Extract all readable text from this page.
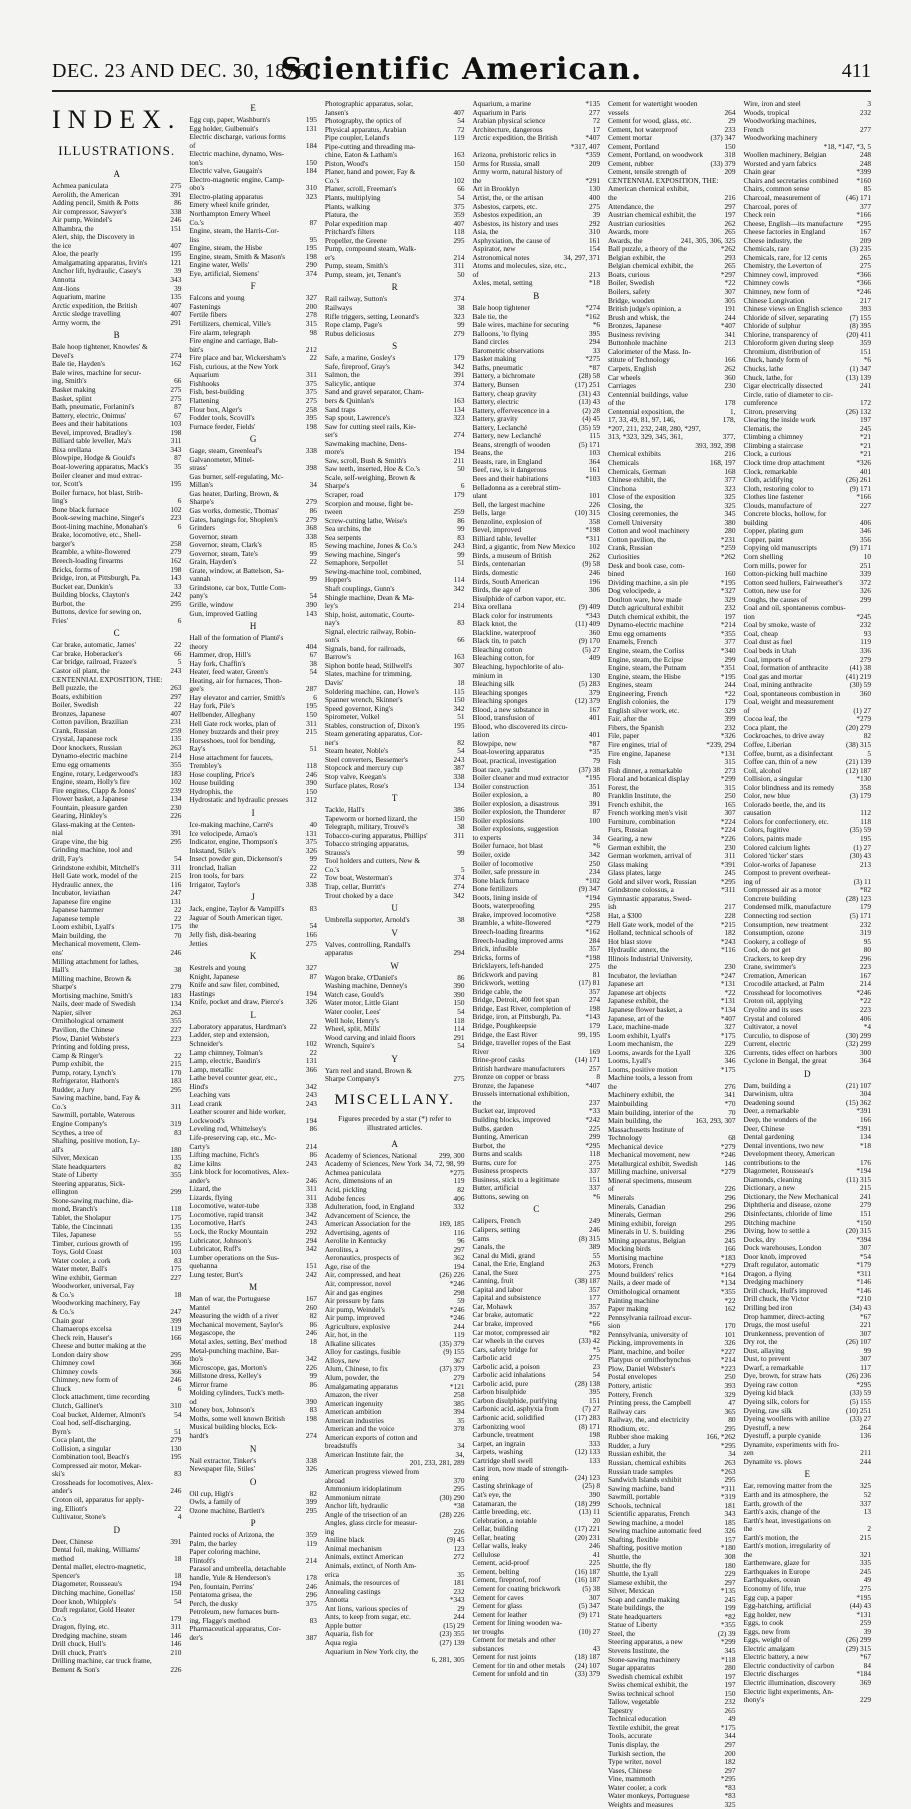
DEC. 23 AND DEC. 30, 1876.]
Scientific American.	411
INDEX.
ILLUSTRATIONS.
A
Achmea paniculata	275
Aerolith, the American	391
Adding pencil, Smith & Potts	86
Air compressor, Sawyer's	338
Air pump, Weindel's	246
Alhambra, the	151
Alert, ship, the Discovery in
the ice	407
Aloe, the pearly	195
Amalgamating apparatus, Irvin's	121
Anchor lift, hydraulic, Casey's	39
Annotta	343
Ant-lions	39
Aquarium, marine	135
Arctic expedition, the British	407
Arctic sledge travelling	407
Army worm, the	291
B
Bale hoop tightener, Knowles' &
Devel's	274
Bale tie, Hayden's	162
Bale wires, machine for secur-
ing, Smith's	66
Basket making	275
Basket, splint	275
Bath, pneumatic, Forlanini's	87
Battery, electric, Onimus'	67
Bees and their habitations	103
Bevel, improved, Bradley's	198
Billiard table leveller, Ma's	311
Bixa orellana	343
Blowpipe, Hodge & Gould's	87
Boat-lowering apparatus, Mack's	35
Boiler cleaner and mud extrac-
tor, Scott's	195
Boiler furnace, hot blast, Strib-
ling's	6
Bone black furnace	102
Book-sewing machine, Singer's	223
Boot-lining machine, Monahan's	6
Brake, locomotive, etc., Shell-
barger's	258
Bramble, a white-flowered	279
Breech-loading firearms	162
Bricks, forms of	198
Bridge, iron, at Pittsburgh, Pa.	143
Bucket ear, Dunkin's	33
Building blocks, Clayton's	242
Burbot, the	295
Buttons, device for sewing on,
Fries'	6
C
Car brake, automatic, James'	22
Car brake, Hoberacker's	66
Car bridge, railroad, Frazee's	5
Castor oil plant, the	243
CENTENNIAL EXPOSITION, THE:
Bell puzzle, the	263
Boats, exhibition	297
Boiler, Swedish	22
Bronzes, Japanese	407
Cotton pavilion, Brazilian	231
Crank, Russian	259
Crystal, Japanese rock	135
Door knockers, Russian	263
Dynamo-electric machine	214
Emu egg ornaments	355
Engine, rotary, Ledgerwood's	183
Engine, steam, Holly's fire	102
Fire engines, Clapp & Jones'	239
Flower basket, a Japanese	134
Fountain, pleasure garden	230
Gearing, Hinkley's	226
Glass-making at the Centen-
nial	391
Grape vine, the big	295
Grinding machine, tool and
drill, Fay's	54
Grindstone exhibit, Mitchell's	311
Hell Gate work, model of the	215
Hydraulic annex, the	116
Incubator, leviathan	247
Japanese fire engine	131
Japanese hammer	22
Japanese temple	22
Loom exhibit, Lyall's	175
Main building, the	70
Mechanical movement, Clem-
ens'	246
Milling attachment for lathes,
Hall's	38
Milling machine, Brown &
Sharpe's	279
Mortising machine, Smith's	183
Nails, deer made of Swedish	134
Napier, silver	263
Ornithological ornament	355
Pavilion, the Chinese	227
Plow, Daniel Webster's	223
Printing and folding press,
Camp & Ringer's	22
Pump exhibit, the	215
Pump, rotary, Lynch's	170
Refrigerator, Hathorn's	183
Rudder, a Jury	295
Sawing machine, band, Fay &
Co.'s	311
Sawmill, portable, Waterous
Engine Company's	319
Scythes, a tree of	83
Shafting, positive motion, Ly-
all's	180
Silver, Mexican	135
Slate headquarters	82
State of Liberty	355
Steering apparatus, Sick-
ellington	299
Stone-sawing machine, dia-
mond, Branch's	118
Tablet, the Sholapur	175
Table, the Cincinnati	135
Tiles, Japanese	55
Timber, curious growth of	195
Toys, Gold Coast	103
Water cooler, a cork	83
Water meter, Ball's	175
Wine exhibit, German	227
Woodworker, universal, Fay
& Co.'s	18
Woodworking machinery, Fay
& Co.'s	247
Chain gear	399
Chamaerops excelsa	119
Check rein, Hauser's	166
Cheese and butter making at the
London dairy show	295
Chimney cowl	366
Chimney cowls	366
Chimney, new form of	246
Chuck	6
Clock attachment, time recording
Clutch, Gallinet's	310
Coal bucket, Alderner, Almont's	54
Coal hod, self-discharging,
Byrn's	51
Coca plant, the	279
Collision, a singular	130
Combination tool, Beach's	195
Compressed air motor, Mekar-
ski's	83
Crossheads for locomotives, Alex-
ander's	246
Croton oil, apparatus for apply-
ing, Elliott's	22
Cultivator, Stone's	4
D
Deer, Chinese	391
Dental foil, making, Williams'
method	18
Dental mallet, electro-magnetic,
Spencer's	18
Diagometer, Rousseau's	194
Ditching machine, Gonellas'	150
Door knob, Whipple's	54
Draft regulator, Gold Heater
Co.'s	179
Dragon, flying, etc.	311
Dredging machine, steam	146
Drill chuck, Hull's	146
Drill chuck, Pratt's	210
Drilling machine, car truck frame,
Bement & Son's	226
E
Egg cup, paper, Washburn's	195
Egg holder, Gulbenuit's	131
Electric discharge, various forms
of	184
Electric machine, dynamo, Wes-
ton's	150
Electric valve, Gaugain's	184
Electro-magnetic engine, Camp-
obo's	310
Electro-plating apparatus	323
Emery wheel knife grinder,
Northampton Emery Wheel
Co.'s	87
Engine, steam, the Harris-Cor-
liss	95
Engine, steam, the Hisbe	195
Engine, steam, Smith & Mason's	198
Engine water, Wells'	290
Eye, artificial, Siemens'	374
F
Falcons and young	327
Fastenings	200
Fertile fibers	278
Fertilizers, chemical, Ville's	315
Fire alarm, telegraph	98
Fire engine and carriage, Bab-
bitt's	212
Fire place and bar, Wickersham's	22
Fish, curious, at the New York
Aquarium	311
Fishhooks	375
Fish, best-building	375
Flattening	275
Flour box, Alger's	258
Fodder tools, Scovill's	395
Furnace feeder, Fields'	198
G
Gage, steam, Greenleaf's	338
Galvanometer, Mittel-
strass'	398
Gas burner, self-regulating, Mc-
Millan's	34
Gas heater, Darling, Brown, &
Sharpe's	279
Gas works, domestic, Thomas'	86
Gates, hangings for, Shoplen's	279
Grinders	368
Governor, steam	338
Governor, steam, Clark's	85
Governor, steam, Tate's	99
Grain, Hayden's	22
Grate, window, at Battelson, Sa-
vannah	99
Grindstone, car box, Tuttle Com-
pany's	54
Grille, window	390
Gun, improved Gatling	143
H
Hall of the formation of Planté's
theory	404
Hammer, drop, Hill's	67
Hay fork, Chaffin's	38
Heater, feed water, Green's	54
Heating, air for furnaces, Thon-
gee's	287
Hay elevator and carrier, Smith's	6
Hay fork, Pile's	195
Hellbender, Alleghany	150
Hell Gate rock works, plan of	311
Honey buzzards and their prey	215
Horseshoes, tool for bending,
Ray's	51
Hose attachment for faucets,
Trembley's	118
Hose coupling, Price's	246
House building	390
Hydrophis, the	150
Hydrostatic and hydraulic presses	312
I
Ice-making machine, Carré's	40
Ice velocipede, Arnao's	131
Indicator, engine, Thompson's	375
Inkstand, Stile's	326
Insect powder gun, Dickenson's	99
Ironclad, Italian	22
Iron tools, for bars	22
Irrigator, Taylor's	338
J
Jack, engine, Taylor & Vampill's	83
Jaguar of South American tiger,
the	54
Jelly fish, disk-bearing	166
Jetties	275
K
Kestrels and young	327
Knight, Japanese	87
Knife and saw filer, combined,
Hastings	194
Knife, pocket and draw, Pierce's	326
L
Laboratory apparatus, Hardman's	22
Ladder, step and extension,
Schneider's	102
Lamp chimney, Tolman's	22
Lamp, electric, Baudin's	131
Lamp, metallic	366
Lathe bevel counter gear, etc.,
Hind's	342
Leaching vats	243
Lead crank	243
Leather scourer and hide worker,
Lockwood's	194
Leveling rod, Whittelsey's	86
Life-preserving cap, etc., Mc-
Carty's	214
Lifting machine, Ficht's	86
Lime kilns	243
Link block for locomotives, Alex-
ander's	246
Lizard, the	311
Lizards, flying	311
Locomotive, water-tube	338
Locomotive, rapid transit	342
Locomotive, Hart's	243
Lock, the Rocky Mountain	292
Lubricator, Johnson's	294
Lubricator, Ruff's	342
Lumber operations on the Sus-
quehanna	151
Lung tester, Burt's	242
M
Man of war, the Portuguese	167
Mantel	260
Measuring the width of a river	82
Mechanical movement, Saylor's	86
Megascope, the	246
Metal axles, setting, Bex' method	18
Metal-punching machine, Bar-
tho's	342
Microscope, gas, Morton's	226
Millstone dress, Kelley's	99
Mirror frame	86
Molding cylinders, Tuck's meth-
od	390
Money box, Johnson's	83
Moths, some well known British	198
Musical building blocks, Eck-
hardt's	274
N
Nail extractor, Tinker's	338
Newspaper file, Stiles'	326
O
Oil cup, High's	82
Owls, a family of	399
Ozone machine, Bartlett's	295
P
Painted rocks of Arizona, the	359
Palm, the barley	119
Paper coloring machine,
Flintoft's	214
Parasol and umbrella, detachable
handle, Yule & Henderson's	178
Pen, fountain, Perrins'	246
Pentatoma grisea, the	296
Perch, the dusky	375
Petroleum, new furnaces burn-
ing, Flagge's method	83
Pharmaceutical apparatus, Cor-
der's	387
Photographic apparatus, solar,
Jansen's	407
Photography, the optics of	54
Physical apparatus, Arabian	72
Pipe coupler, Leland's	119
Pipe-cutting and threading ma-
chine, Eaton & Latham's	163
Piston, Wood's	150
Planer, hand and power, Fay &
Co.'s	102
Planer, scroll, Freeman's	66
Plants, multiplying	54
Plants, walking	375
Platura, the	359
Polar expedition map	407
Pritchard's filters	118
Propeller, the Greene	295
Pump, compound steam, Walk-
er's	214
Pump, steam, Smith's	311
Pump, steam, jet, Tenant's	50
R
Rail railway, Sutton's	374
Railways	38
Rifle triggers, setting, Leonard's	323
Rope clamp, Page's	99
Rubus deliciosus	279
S
Safe, a marine, Gosley's	179
Safe, fireproof, Gray's	342
Salmon, the	391
Salicylic, antique	374
Sand and gravel separator, Cham-
bers & Quinlan's	163
Sand traps	134
Sap spout, Lawrence's	323
Saw for cutting steel rails, Kie-
ser's	274
Sawmaking machine, Dens-
more's	194
Saw, scroll, Bush & Smith's	211
Saw teeth, inserted, Hoe & Co.'s	50
Scale, self-weighing, Brown &
Sharpe's	6
Scraper, road	179
Scorpion and mouse, fight be-
tween	259
Screw-cutting lathe, Weise's	86
Sea urchins, the	99
Sea serpents	83
Sewing machine, Jones & Co.'s	243
Sewing machine, Singer's	99
Semaphore, Serpollet	51
Sewing-machine tool, combined,
Hopper's	114
Shaft couplings, Gunn's	342
Shingle machine, Dean & Ma-
ley's	214
Ship, hoist, automatic, Courte-
nay's	83
Signal, electric railway, Robin-
son's	66
Signals, band, for railroads,
Barrow's	163
Siphon bottle head, Stillwell's	307
Slates, machine for trimming,
Davis'	18
Soldering machine, can, Howe's	115
Spanner wrench, Skinner's	150
Speed governor, King's	342
Spirometer, Volkel	51
Stables, construction of, Dixon's	195
Steam generating apparatus, Cor-
ner's	82
Steam heater, Noble's	54
Steel converters, Bessemer's	243
Stopcock and mercury cup	387
Stop valve, Keegan's	338
Surface plates, Rose's	134
T
Tackle, Hall's	386
Tapeworm or horned lizard, the	150
Telegraph, military, Trouvé's	38
Tobacco-curing apparatus, Phillips'	311
Tobacco stringing apparatus,
Strauss's	99
Tool holders and cutters, New &
Co.'s	5
Tow boat, Westerman's	374
Trap, cellar, Burritt's	274
Trout choked by a dace	342
U
Umbrella supporter, Arnold's	38
V
Valves, controlling, Randall's
apparatus	294
W
Wagon brake, O'Daniel's	86
Washing machine, Denney's	390
Watch case, Gould's	390
Water motor, Little Giant	150
Water cooler, Lees'	54
Well hole, Henry's	118
Wheel, split, Mills'	114
Wood carving and inlaid floors	291
Wrench, Squire's	54
Y
Yarn reel and stand, Brown &
Sharpe Company's	275
MISCELLANY.
Figures preceded by a star (*) refer to illustrated articles.
A
Academy of Sciences, National	299, 300
Academy of Sciences, New York 34, 72, 98, 99
Achmea paniculata	*275
Acre, dimensions of an	119
Acid, pickling	82
Adobe fences	406
Adulteration, food, in England	332
Advancement of Science, the
American Association for the	169, 185
Advertising, agents of	116
Aerolite in Kentucky	96
Aerolites, a	297
Aeronautics, prospects of	362
Age, rise of the	194
Air, compressed, and heat	(26) 226
Air, compressor, novel	*246
Air and gas engines	298
Air pressure by fans	59
Air pump, Weindel's	*246
Air pump, improved	*246
Agriculture, explosive	244
Air, hot, in the	119
Alkaline silicates	(35) 379
Alloy for castings, fusible	(9) 155
Alloys, new	367
Alum, Chinese, to fix	(37) 379
Alum, powder, the	279
Amalgamating apparatus	*121
Amazon, the river	258
American ingenuity	385
American ambition	394
American industries	35
American and the voice	378
American exports of cotton and
breadstuffs	34
American Institute fair, the	34,
201, 233, 281, 289
American progress viewed from
abroad	370
Ammonium iridoplatinum	295
Ammonium nitrate	(30) 290
Anchor lift, hydraulic	*38
Angle of the trisection of an	(28) 226
Angles, glass circle for measur-
ing	226
Aniline black	(9) 45
Animal mechanism	123
Animals, extinct American	272
Animals, extinct, of North Am-
erica	35
Animals, the resources of	181
Annealing castings	232
Annotta	*343
Ant lions, various species of	29
Ants, to keep from sugar, etc.	244
Apple butter	(15) 29
Aquaria, fish for	(23) 355
Aqua regia	(27) 139
Aquarium in New York city, the
6, 281, 305
Aquarium, a marine	*135
Aquarium in Paris	277
Arabian physical science	72
Architecture, dangerous	17
Arctic expedition, the British	*407
*317, 407
Arizona, prehistoric relics in	*359
Arms for Russia, small	209
Army worm, natural history of
the	*291
Art in Brooklyn	130
Artist, the, or the artisan	400
Asbestos, carpets, etc.	275
Asbestos expedition, an	39
Asbestos, its history and uses	292
Asia, the	310
Asphyxiation, the cause of	161
Aspirator, new	154
Astronomical notes	34, 297, 371
Atoms and molecules, size, etc.,
of	213
Axles, metal, setting	*18
B
Bale hoop tightener	*274
Bale tie, the	*162
Bale wires, machine for securing	*6
Balloons, 'to flying	395
Band circles	294
Barometric observations	33
Basket making	*275
Baths, pneumatic	*87
Battery, a bichromate	(28) 58
Battery, Bunsen	(17) 251
Battery, cheap gravity	(31) 43
Battery, electric	(13) 43
Battery, effervescence in a	(2) 28
Battery, gravity	(4) 45
Battery, Leclanché	(35) 59
Battery, new Leclanché	115
Beans, strength of wooden	(5) 171
Beans, the	103
Beasts, rare, in England	364
Beef, raw, is it dangerous	161
Bees and their habitations	*103
Belladonna as a cerebral stim-
ulant	101
Bell, the largest machine	226
Bells, large	(10) 315
Benzoline, explosion of	358
Bevel, improved	*198
Billiard table, leveller	*311
Bird, a gigantic, from New Mexico	102
Birds, a museum of British	262
Birds, centenarian	(9) 58
Birds, domestic	246
Birds, South American	196
Birds, the age of	306
Bisulphide of carbon vapor, etc.
Bixa orellana	(9) 409
Black color for instruments	*343
Black knot, the	(11) 409
Blackline, waterproof	360
Black tin, to patch	(9) 170
Bleaching cotton	(5) 27
Bleaching cotton, for	409
Bleaching, hypochlorite of alu-
minium in	130
Bleaching silk	(5) 283
Bleaching sponges	379
Bleaching sponges	(12) 379
Blood, a new substance in	167
Blood, transfusion of	401
Blood, who discovered its circu-
lation	401
Blowpipe, new	*87
Boat-lowering apparatus	*35
Boat, practical, investigation	79
Boat race, yacht	(37) 38
Boiler cleaner and mud extractor	*195
Boiler construction	351
Boiler explosion, a	80
Boiler explosion, a disastrous	391
Boiler explosion, the Thunderer	87
Boiler explosions	100
Boiler explosions, suggestion
to experts	34
Boiler furnace, hot blast	*6
Boiler, oxide	342
Boiler of locomotive	250
Boiler, safe pressure in	234
Bone black furnace	*102
Bone fertilizers	(9) 347
Boots, lining inside of	*194
Boots, waterproofing	295
Brake, improved locomotive	*258
Bramble, a white-flowered	*279
Breech-loading firearms	*162
Breech-loading improved arms	284
Brick, infusible	357
Bricks, forms of	*198
Bricklayers, left-handed	275
Brickwork and paving	81
Brickwork, wetting	(17) 81
Bridge cable, the	357
Bridge, Detroit, 400 feet span	274
Bridge, East River, completion of	198
Bridge, iron, at Pittsburgh, Pa.	*143
Bridge, Poughkeepsie	179
Bridge, the East River	99, 195
Bridge, traveller ropes of the East
River	169
Brine-proof casks	(14) 171
British hardware manufacturers	257
Bronze on copper or brass	8
Bronze, the Japanese	*407
Brussels international exhibition,
the	237
Bucket ear, improved	*33
Building blocks, improved	*242
Bulbs, garden	225
Bunting, American	299
Burbot, the	*295
Burns and scalds	118
Burns, cure for	275
Business prospects	337
Business, stick to a legitimate	151
Butter, artificial	337
Buttons, sewing on	*6
C
Calipers, French	249
Calipers, setting	246
Cams	(8) 315
Canals, the	389
Canal du Midi, grand	55
Canal, the Erie, England	263
Canal, the Suez	275
Canning, fruit	(38) 187
Capital and labor	357
Capital and subsistence	177
Car, Mohawk	357
Car brake, automatic	*22
Car brake, improved	*66
Car motor, compressed air	*82
Car wheels in the curves	(33) 42
Cars, safety bridge for	*5
Carbolic acid	275
Carbolic acid, a poison	23
Carbolic acid inhalations	54
Carbolic acid, pure	(28) 138
Carbon bisulphide	395
Carbon disulphide, purifying	151
Carbonic acid, asphyxia from	(7) 27
Carbonic acid, solidified	(17) 283
Carbonizing wool	(8) 171
Carbuncle, treatment	198
Carpet, an ingrain	333
Carpets, washing	(12) 133
Cartridge shell swell	133
Cast iron, now made of strength-
ening	(24) 123
Casting shrinkage of	(25) 8
Cat's eye, the	390
Catamaran, the	(18) 299
Cattle breeding, etc.	(13) 11
Celebration, a notable	20
Cellar, building	(17) 221
Cellar, heating	(20) 231
Cellar walls, leaky	246
Cellulose	41
Cement, acid-proof	225
Cement, belting	(16) 187
Cement, fireproof, roof	(16) 187
Cement for coating brickwork	(5) 38
Cement for caves	307
Cement for glass	(5) 347
Cement for leather	(9) 171
Cement for lining wooden wa-
ter troughs	(10) 27
Cement for metals and other
substances	43
Cement for rust joints	(18) 187
Cement for tin and other metals	(24) 107
Cement for unfold and tin	(33) 379
Cement for watertight wooden
vessels	264
Cement for wood, glass, etc.	29
Cement, hot waterproof	233
Cement mortar	(37) 347
Cement, Portland	150
Cement, Portland, on woodwork	318
Cement, rubber	(33) 379
Cement, tensile strength of	209
CENTENNIAL EXPOSITION, THE:
American chemical exhibit,
the	216
Attendance, the	297
Austrian chemical exhibit, the	197
Austrian curiosities	262
Awards, more	265
Awards, the	241, 305, 306, 325
Ball puzzle, a theory of the	*262
Belgian exhibit, the	293
Belgian chemical exhibit, the	265
Boats, curious	*297
Boiler, Swedish	*22
Boilers, safety	307
Bridge, wooden	305
British judge's opinion, a	191
Brush and whisk, the	244
Bronzes, Japanese	*407
Business reviving	341
Buttonhole machine	213
Calorimeter of the Mass. In-
stitute of Technology	166
Carpets, English	262
Car wheels	360
Carriages	230
Centennial buildings, value
of the	178
Centennial exposition, the	1,
17, 33, 49, 81, 97, 146,	178,
*207, 211, 232, 248, 280, *297,
313, *323, 329, 345, 361,	377,
393, 392, 398
Chemical exhibits	216
Chemicals	168, 197
Chemicals, German	168
Chinese exhibit, the	377
Cinchona	323
Close of the exposition	325
Closing, the	325
Closing ceremonies, the	345
Cornell University	380
Cotton and wool machinery	280
Cotton pavilion, the	*231
Crank, Russian	*259
Curiosities	*262
Desk and book case, com-
bined	160
Dividing machine, a sin ple	*195
Dog velocipede, a	*327
Doulton ware, how made	329
Dutch agricultural exhibit	232
Dutch chemical exhibit, the	197
Dynamo-electric machine	*214
Emu egg ornaments	*355
Enamels, French	377
Engine, steam, the Corliss	*340
Engine, steam, the Ecipse	299
Engine, steam, the Putnam	*351
Engine, steam, the Hisbe	*195
Engines, steam	244
Engineering, French	*22
English colonies, the	179
English silver work, etc.	329
Fair, after the	399
Fibers, the Spanish	232
File, paper	*326
Fire engines, trial of	*239, 294
Fire engine, Japanese	*131
Fish	315
Fish dinner, a remarkable	273
Floral and botanical display	*299
Forest, the	315
Franklin Institute, the	250
French exhibit, the	165
French working men's visit	307
Furniture, combination	*224
Furs, Russian	*224
Gearing, a new	*226
German exhibit, the	230
German workmen, arrival of	311
Glass making	*391
Glass plates, large	245
Gold and silver work, Russian	*295
Grindstone colossus, a	*311
Gymnastic apparatus, Swed-
ish	217
Hat, a $300	228
Hell Gate work, model of the	*215
Holland, technical schools of	182
Hot blast stove	*243
Hydraulic annex, the	*116
Illinois Industrial University,
the	230
Incubator, the leviathan	*247
Japanese art	*131
Japanese art objects	*22
Japanese exhibit, the	*131
Japanese flower basket, a	*134
Japanese, art of the	*407
Lace, machine-made	327
Loom exhibit, Lyall's	*175
Loom mechanism, the	229
Looms, awards for the Lyall	326
Looms, Lyall's	346
Looms, positive motion	*175
Machine tools, a lesson from
the	276
Machinery exhibit, the	341
Mainbuilding	*70
Main building, interior of the	70
Main building, the	163, 293, 307
Massachusetts Institute of
Technology	68
Mechanical device	*279
Mechanical movement, new	*246
Metallurgical exhibit, Swedish	146
Milling machine, universal	*279
Mineral specimens, museum
of	226
Minerals	296
Minerals, Canadian	296
Minerals, German	296
Mining exhibit, foreign	295
Minerals in U. S. building	296
Mining apparatus, Belgian	245
Mocking birds	166
Mortising machine	*183
Motors, French	*279
Mound builders' relics	*164
Nails, a deer made of	*134
Ornithological ornament	*355
Painting machine	*22
Paper making	162
Pennsylvania railroad excur-
sion	170
Pennsylvania, university of	101
Picking, improvements in	326
Plant, machine, and boiler	*227
Platypus or ornithorhynchus	*214
Plow, Daniel Webster's	*223
Postal envelopes	250
Pottery, artistic	393
Pottery, French	329
Printing press, the Campbell	47
Railway cars	365
Railway, the, and electricity	80
Rhodium, etc.	295
Rubber shoe making	166, *262
Rudder, a Jury	*295
Russian exhibit, the	34
Russian, chemical exhibits	263
Russian trade samples	*263
Sandwich Islands exhibit	295
Sawing machine, band	*311
Sawmill, portable	*319
Schools, technical	181
Scientific apparatus, French	343
Sewing machine, a model	185
Sewing machine automatic feed	326
Shafting, flexible	157
Shafting, positive motion	*180
Shuttle, the	308
Shuttle, the fly	180
Shuttle, the Lyall	229
Siamese exhibit, the	297
Silver, Mexican	*135
Soap and candle making	245
State buildings, the	199
State headquarters	*82
Statue of Liberty	*355
Steel, the	(2) 39
Steering apparatus, a new	*299
Stevens Institute, the	345
Stone-sawing machinery	*118
Sugar apparatus	280
Swedish chemical exhibit	197
Swiss chemical exhibit, the	197
Swiss technical school	150
Tallow, vegetable	232
Tapestry	265
Technical education	49
Textile exhibit, the great	*175
Tools, accurate	344
Tunis display, the	297
Turkish section, the	200
Type writer, novel	182
Vases, Chinese	297
Vine, mammoth	*295
Water cooler, a cork	*83
Water monkeys, Portuguese	*83
Weights and measures	325
Wire, iron and steel	3
Woods, tropical	232
Woodworking machines,
French	277
Woodworking machinery
*18, *147, *3, 5
Woollen machinery, Belgian	248
Worsted and yarn fabrics	248
Chain gear	*399
Chairs and secretaries combined	*160
Chairs, common sense	85
Charcoal, measurement of	(46) 171
Charcoal, pores of	377
Check rein	*166
Cheese, English—its manufacture	*295
Cheese factories in England	167
Cheese industry, the	209
Chemicals, rare	(3) 235
Chemicals, rare, for 12 cents	265
Chemistry, the Leverton of	275
Chimney cowl, improved	*366
Chimney cowls	*366
Chimney, new form of	*246
Chinese Longivation	217
Chinese views on English science	393
Chloride of silver, separating	(7) 155
Chloride of sulphur	(8) 395
Chlorine, transparency of	(20) 411
Chloroform given during sleep	359
Chromium, distribution of	151
Chuck, handy form of	*6
Chucks, lathe	(1) 347
Chuck, lathe, for	(13) 139
Cigar electrically dissected	241
Circle, ratio of diameter to cir-
cumference	172
Citron, preserving	(26) 132
Clearing the inside work	197
Clematis, the	245
Climbing a chimney	*21
Climbing a staircase	*21
Clock, a curious	*21
Clock time drop attachment	*326
Clock, remarkable	401
Cloth, acidifying	(26) 261
Cloth, restoring color to	(9) 171
Clothes line fastener	*166
Clouds, manufacture of	227
Concrete blocks, hollow, for
building	406
Copper, plating gum	346
Copper, paint	356
Copying old manuscripts	(9) 171
Corn shelling	10
Corn mills, power for	251
Cotton-picking hull machine	339
Cotton seed hullers, Fairweather's	372
Cotton, new use for	326
Coughs, the causes of	299
Coal and oil, spontaneous combus-
tion	*245
Coal by smoke, waste of	232
Coal, cheap	93
Coal dust as fuel	119
Coal beds in Utah	336
Coal, imports of	279
Coal, formation of anthracite	(41) 38
Coal gas and mortar	(41) 219
Coal, mining anthracite	(30) 59
Coal, spontaneous combustion in	360
Coal, weight and measurement
of	(1) 27
Cocoa leaf, the	*279
Coca plant, the	(20) 279
Cockroaches, to drive away	82
Coffee, Liberian	(38) 315
Coffee, burnt, as a disinfectant	5
Coffee can, thin of a new	(21) 139
Coil, alcohol	(12) 187
Collision, a singular	*130
Color blindness and its remedy	358
Color, new blue	(3) 179
Colorado beetle, the, and its
causation	112
Colors for confectionery, etc.	118
Colors, fugitive	(35) 59
Colors, paints made	195
Colored calcium lights	(1) 27
Colored 'ticker' stars	(30) 43
Color-works of Japanese	213
Compost to prevent overheat-
ing of	(3) 11
Compressed air as a motor	*82
Concrete building	(28) 123
Condensed milk, manufacture	179
Connecting rod section	(5) 171
Consumption, new treatment	232
Consumption, ozone	319
Cookery, a college of	95
Cool, do not get	80
Crackers, to keep dry	296
Crane, swimmer's	223
Cremation, American	167
Crocodile attacked, at Palm	214
Crosshead for locomotives	*246
Croton oil, applying	*22
Cryolite and its uses	223
Crystal and colored	406
Cultivator, a novel	*4
Curculio, to dispose of	(30) 299
Current, electric	(32) 299
Currents, tides effect on harbors	300
Cyclone in Bengal, the great	364
D
Dam, building a	(21) 107
Darwinism, ultra	304
Deadening sound	(15) 362
Deer, a remarkable	*391
Deep, the wonders of the	166
Deer, Chinese	*391
Dental gardening	134
Dental inventions, two new	*18
Development theory, American
contributions to the	176
Diagometer, Rousseau's	*194
Diamonds, cleaning	(11) 315
Dictionary, a new	215
Dictionary, the New Mechanical	241
Diphtheria and disease, ozone	279
Disinfectants, chloride of lime	151
Ditching machine	*150
Diving, how to settle a	(20) 315
Docks, dry	*394
Dock warehouses, London	307
Door knob, improved	*54
Draft regulator, automatic	*179
Dragon, a flying	*311
Dredging machinery	*146
Drill chuck, Hull's improved	*146
Drill chuck, the Victor	*210
Drilling bed iron	(34) 43
Drop hammer, direct-acting	*67
Drugs, the most useful	221
Drunkenness, prevention of	307
Dry rot, the	(26) 107
Dust, allaying	99
Dust, to prevent	307
Dwarf, a remarkable	117
Dye, brown, for straw hats	(26) 236
Dyeing raw cotton	*295
Dyeing kid black	(33) 59
Dyeing silk, colors for	(5) 155
Dyeing, raw silk	(10) 251
Dyeing woollens with aniline	(33) 27
Dyestuff, a new	264
Dyestuff, a purple cyanide	136
Dynamite, experiments with fro-
zen	211
Dynamite vs. plows	244
E
Ear, removing matter from the	325
Earth and its atmosphere, the	52
Earth, growth of the	337
Earth's axis, change of the	13
Earth's heat, investigations on
the	2
Earth's motion, the	215
Earth's motion, irregularity of
the	321
Earthenware, glaze for	335
Earthquakes in Europe	245
Earthquakes, ocean	49
Economy of life, true	275
Egg cup, a paper	*195
Egg-hatching, artificial	(44) 43
Egg holder, new	*131
Eggs, to cook	259
Eggs, new from	39
Eggs, weight of	(26) 299
Electric amalgam	(29) 315
Electric battery, a new	*67
Electric conductivity of carbon	84
Electric discharges	*184
Electric illumination, discovery	369
Electric light experiments, An-
thony's	229
